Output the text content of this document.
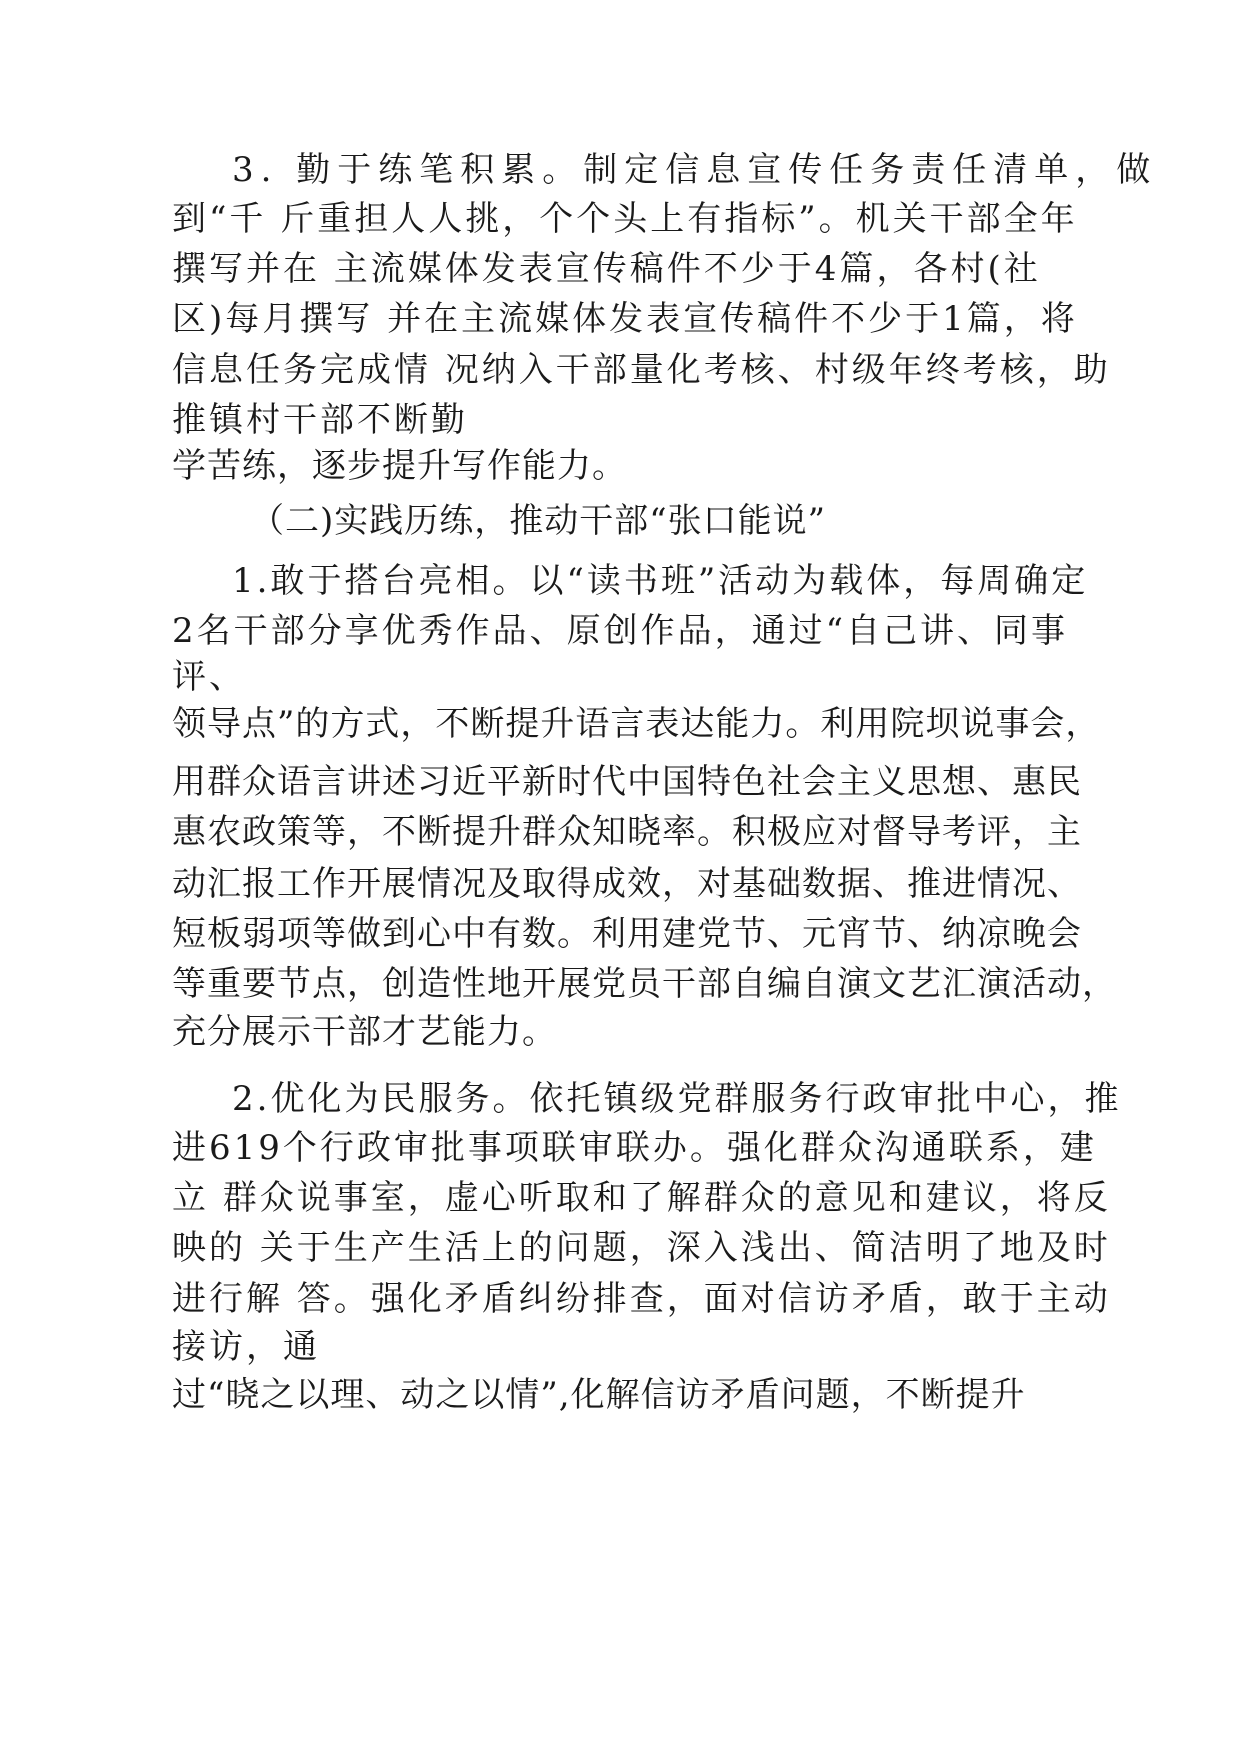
3. 勤于练笔积累。制定信息宣传任务责任清单，做
到“千 斤重担人人挑，个个头上有指标”。机关干部全年
撰写并在 主流媒体发表宣传稿件不少于4篇，各村(社
区)每月撰写 并在主流媒体发表宣传稿件不少于1篇，将
信息任务完成情 况纳入干部量化考核、村级年终考核，助
推镇村干部不断勤
学苦练，逐步提升写作能力。
（二)实践历练，推动干部“张口能说”
1.敢于搭台亮相。以“读书班”活动为载体，每周确定
2名干部分享优秀作品、原创作品，通过“自己讲、同事
评、
领导点”的方式，不断提升语言表达能力。利用院坝说事会，
用群众语言讲述习近平新时代中国特色社会主义思想、惠民
惠农政策等，不断提升群众知晓率。积极应对督导考评，主
动汇报工作开展情况及取得成效，对基础数据、推进情况、
短板弱项等做到心中有数。利用建党节、元宵节、纳凉晚会
等重要节点，创造性地开展党员干部自编自演文艺汇演活动，
充分展示干部才艺能力。
2.优化为民服务。依托镇级党群服务行政审批中心，推
进619个行政审批事项联审联办。强化群众沟通联系，建
立 群众说事室，虚心听取和了解群众的意见和建议，将反
映的 关于生产生活上的问题，深入浅出、简洁明了地及时
进行解 答。强化矛盾纠纷排查，面对信访矛盾，敢于主动
接访，通
过“晓之以理、动之以情”,化解信访矛盾问题，不断提升
